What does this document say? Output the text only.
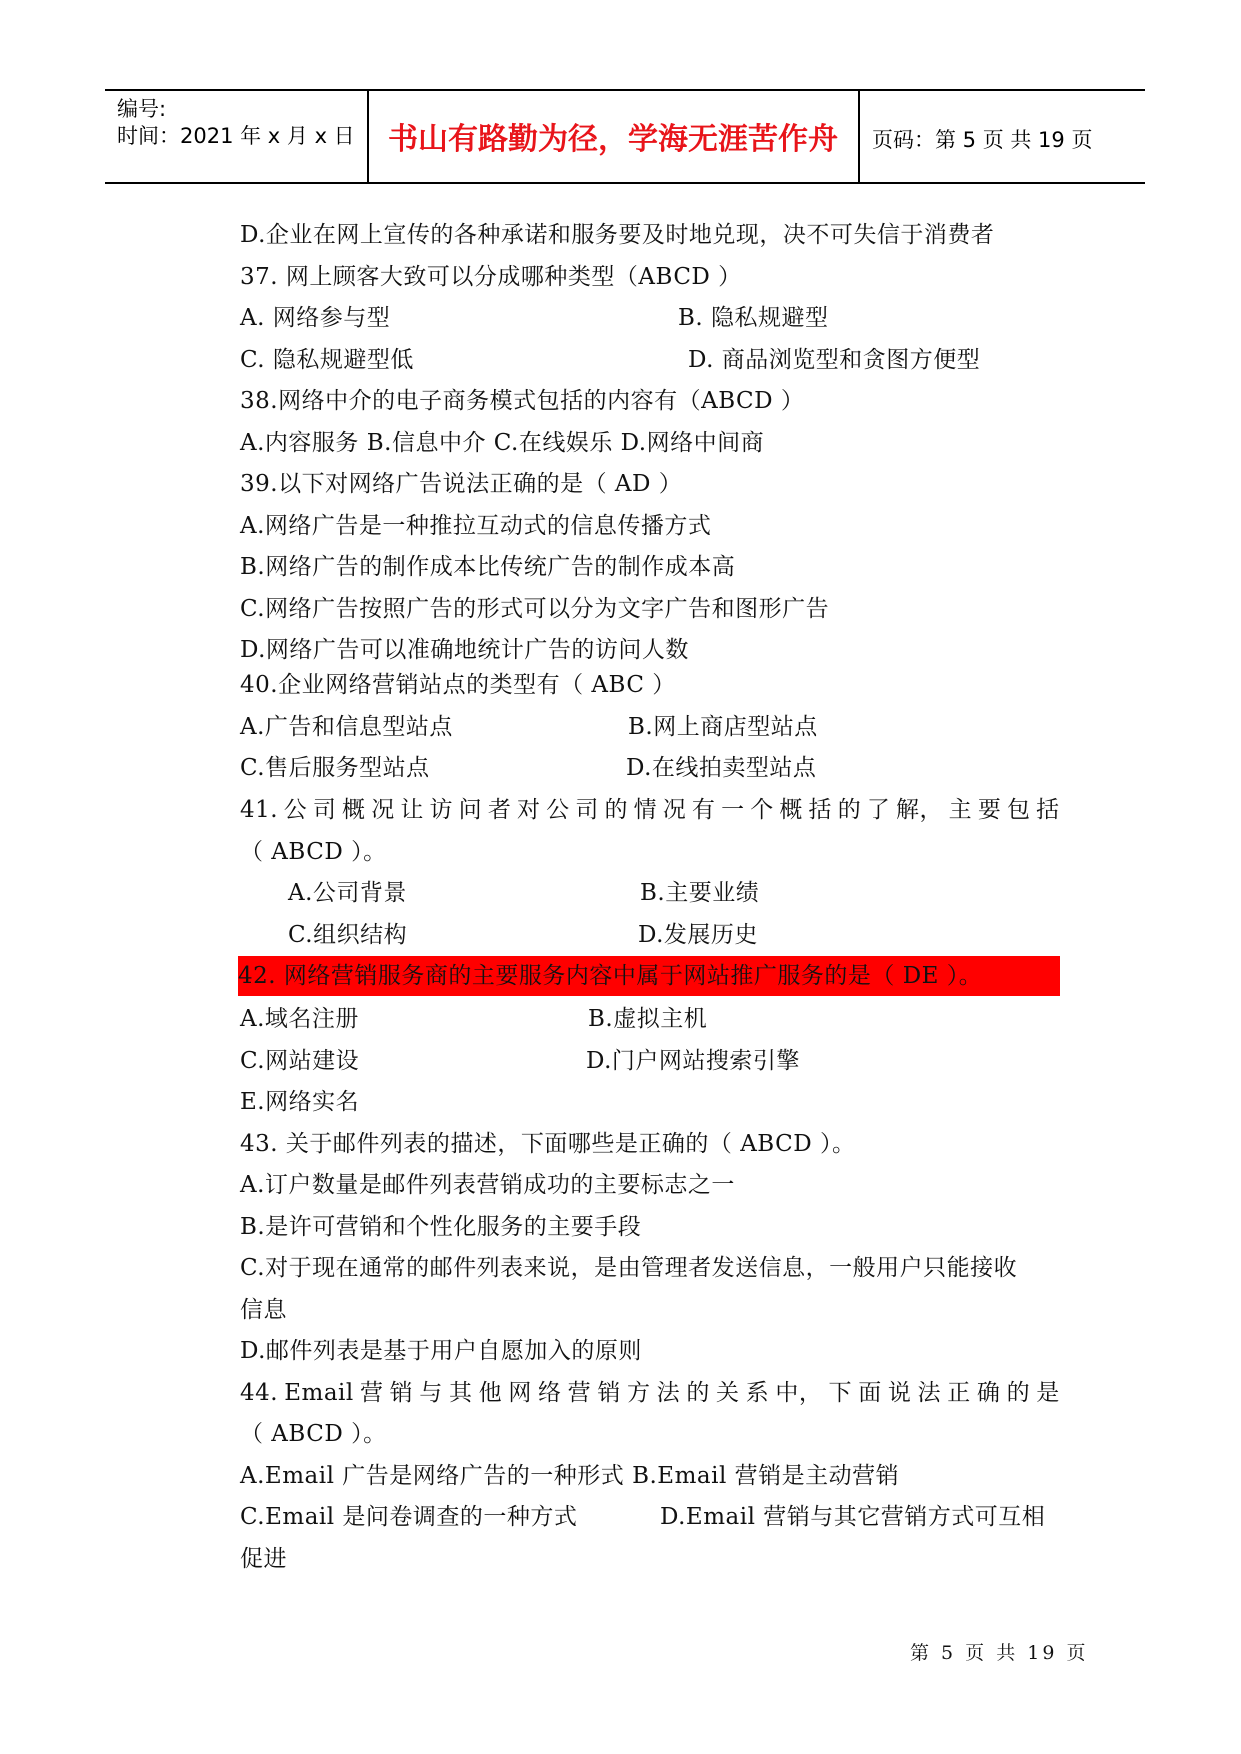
编号:
时间：2021 年 x 月 x 日	书山有路勤为径，学海无涯苦作舟	页码：第 5 页 共 19 页
D.企业在网上宣传的各种承诺和服务要及时地兑现，决不可失信于消费者
37. 网上顾客大致可以分成哪种类型（ABCD ）
A. 网络参与型	B. 隐私规避型
C. 隐私规避型低	D. 商品浏览型和贪图方便型
38.网络中介的电子商务模式包括的内容有（ABCD ）
A.内容服务 B.信息中介 C.在线娱乐 D.网络中间商
39.以下对网络广告说法正确的是（ AD ）
A.网络广告是一种推拉互动式的信息传播方式
B.网络广告的制作成本比传统广告的制作成本高
C.网络广告按照广告的形式可以分为文字广告和图形广告
D.网络广告可以准确地统计广告的访问人数
40.企业网络营销站点的类型有（ ABC ）
A.广告和信息型站点	B.网上商店型站点
C.售后服务型站点	D.在线拍卖型站点
41. 公 司 概 况 让 访 问 者 对 公 司 的 情 况 有 一 个 概 括 的 了 解， 主 要 包 括
（ ABCD ）。
A.公司背景	B.主要业绩
C.组织结构	D.发展历史
42. 网络营销服务商的主要服务内容中属于网站推广服务的是（ DE ）。
A.域名注册	B.虚拟主机
C.网站建设	D.门户网站搜索引擎
E.网络实名
43. 关于邮件列表的描述，下面哪些是正确的（ ABCD ）。
A.订户数量是邮件列表营销成功的主要标志之一
B.是许可营销和个性化服务的主要手段
C.对于现在通常的邮件列表来说，是由管理者发送信息，一般用户只能接收
信息
D.邮件列表是基于用户自愿加入的原则
44. Email 营 销 与 其 他 网 络 营 销 方 法 的 关 系 中， 下 面 说 法 正 确 的 是
（ ABCD ）。
A.Email 广告是网络广告的一种形式 B.Email 营销是主动营销
C.Email 是问卷调查的一种方式	D.Email 营销与其它营销方式可互相
促进
第 5 页 共 19 页
